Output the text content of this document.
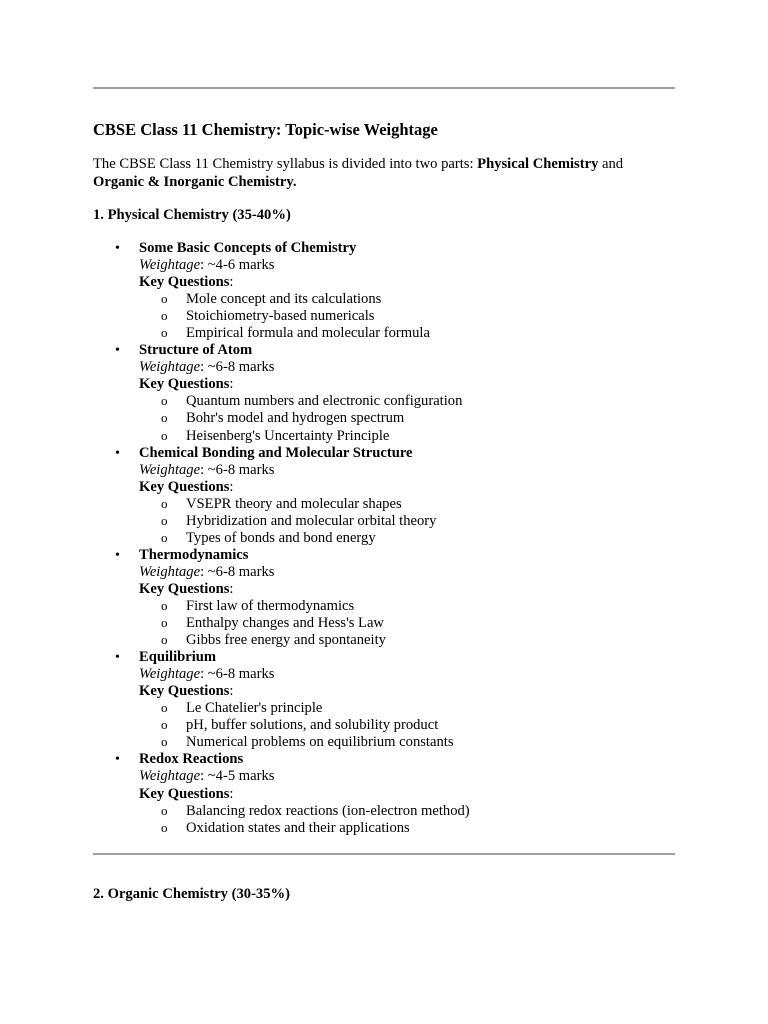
CBSE Class 11 Chemistry: Topic-wise Weightage

The CBSE Class 11 Chemistry syllabus is divided into two parts: Physical Chemistry and
Organic & Inorganic Chemistry.

1. Physical Chemistry (35-40%)

• Some Basic Concepts of Chemistry
Weightage: ~4-6 marks
Key Questions:
o Mole concept and its calculations
o Stoichiometry-based numericals
o Empirical formula and molecular formula
• Structure of Atom
Weightage: ~6-8 marks
Key Questions:
o Quantum numbers and electronic configuration
o Bohr's model and hydrogen spectrum
o Heisenberg's Uncertainty Principle
• Chemical Bonding and Molecular Structure
Weightage: ~6-8 marks
Key Questions:
o VSEPR theory and molecular shapes
o Hybridization and molecular orbital theory
o Types of bonds and bond energy
• Thermodynamics
Weightage: ~6-8 marks
Key Questions:
o First law of thermodynamics
o Enthalpy changes and Hess's Law
o Gibbs free energy and spontaneity
• Equilibrium
Weightage: ~6-8 marks
Key Questions:
o Le Chatelier's principle
o pH, buffer solutions, and solubility product
o Numerical problems on equilibrium constants
• Redox Reactions
Weightage: ~4-5 marks
Key Questions:
o Balancing redox reactions (ion-electron method)
o Oxidation states and their applications

2. Organic Chemistry (30-35%)
